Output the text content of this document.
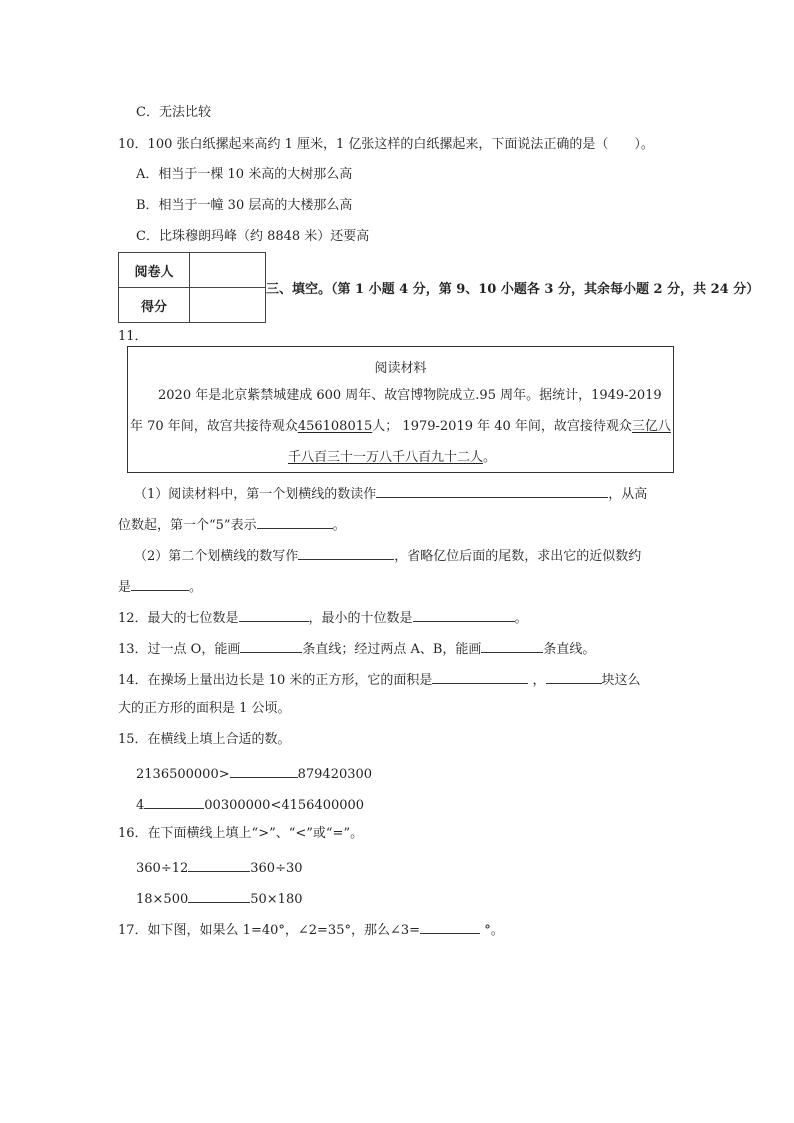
C．无法比较
10．100 张白纸摞起来高约 1 厘米，1 亿张这样的白纸摞起来，下面说法正确的是（　　）。
A．相当于一棵 10 米高的大树那么高
B．相当于一幢 30 层高的大楼那么高
C．比珠穆朗玛峰（约 8848 米）还要高
阅卷人	
得分	
三、填空。（第 1 小题 4 分，第 9、10 小题各 3 分，其余每小题 2 分，共 24 分）
11．
阅读材料
2020 年是北京紫禁城建成 600 周年、故宫博物院成立.95 周年。据统计，1949-2019
年 70 年间，故宫共接待观众456108015人； 1979-2019 年 40 年间，故宫接待观众三亿八
千八百三十一万八千八百九十二人。
（1）阅读材料中，第一个划横线的数读作	，从高
位数起，第一个“5”表示	。
（2）第二个划横线的数写作	，省略亿位后面的尾数，求出它的近似数约
是	。
12．最大的七位数是	，最小的十位数是	。
13．过一点 O，能画	条直线；经过两点 A、B，能画	条直线。
14．在操场上量出边长是 10 米的正方形，它的面积是	，	块这么
大的正方形的面积是 1 公顷。
15．在横线上填上合适的数。
2136500000>	879420300
4	00300000<4156400000
16．在下面横线上填上“>”、“<”或“=”。
360÷12	360÷30
18×500	50×180
17．如下图，如果么 1=40°，∠2=35°，那么∠3=	°。
